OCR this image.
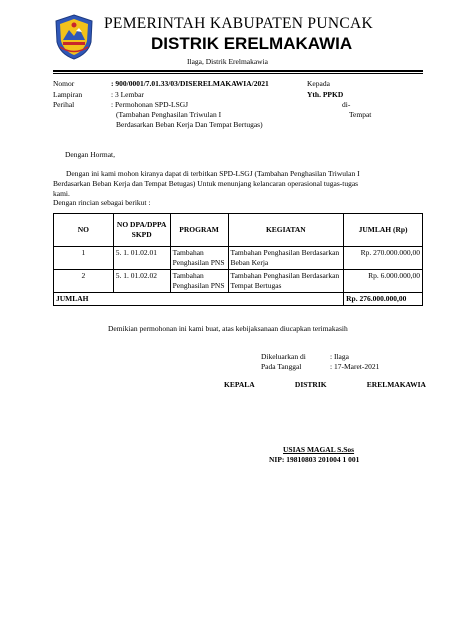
PEMERINTAH KABUPATEN PUNCAK
DISTRIK ERELMAKAWIA
Ilaga, Distrik Erelmakawia
Nomor	: 900/0001/7.01.33/03/DISERELMAKAWIA/2021
Lampiran	: 3 Lembar
Perihal	: Permohonan SPD-LSGJ
(Tambahan Penghasilan Triwulan I
Berdasarkan Beban Kerja Dan Tempat Bertugas)
Kepada
Yth. PPKD
di-
Tempat
Dengan Hormat,
Dengan ini kami mohon kiranya dapat di terbitkan SPD-LSGJ (Tambahan Penghasilan Triwulan I
Berdasarkan Beban Kerja dan Tempat Betugas) Untuk menunjang kelancaran operasional tugas-tugas
kami.
Dengan rincian sebagai berikut :
NO	NO DPA/DPPA SKPD	PROGRAM	KEGIATAN	JUMLAH (Rp)
1	5. 1. 01.02.01	Tambahan Penghasilan PNS	Tambahan Penghasilan Berdasarkan Beban Kerja	Rp. 270.000.000,00
2	5. 1. 01.02.02	Tambahan Penghasilan PNS	Tambahan Penghasilan Berdasarkan Tempat Bertugas	Rp. 6.000.000,00
JUMLAH				Rp. 276.000.000,00
Demikian permohonan ini kami buat, atas kebijaksanaan diucapkan terimakasih
Dikeluarkan di	: Ilaga
Pada Tanggal	: 17-Maret-2021
KEPALA	DISTRIK	ERELMAKAWIA
USIAS MAGAL S.Sos
NIP: 19810803 201004 1 001
